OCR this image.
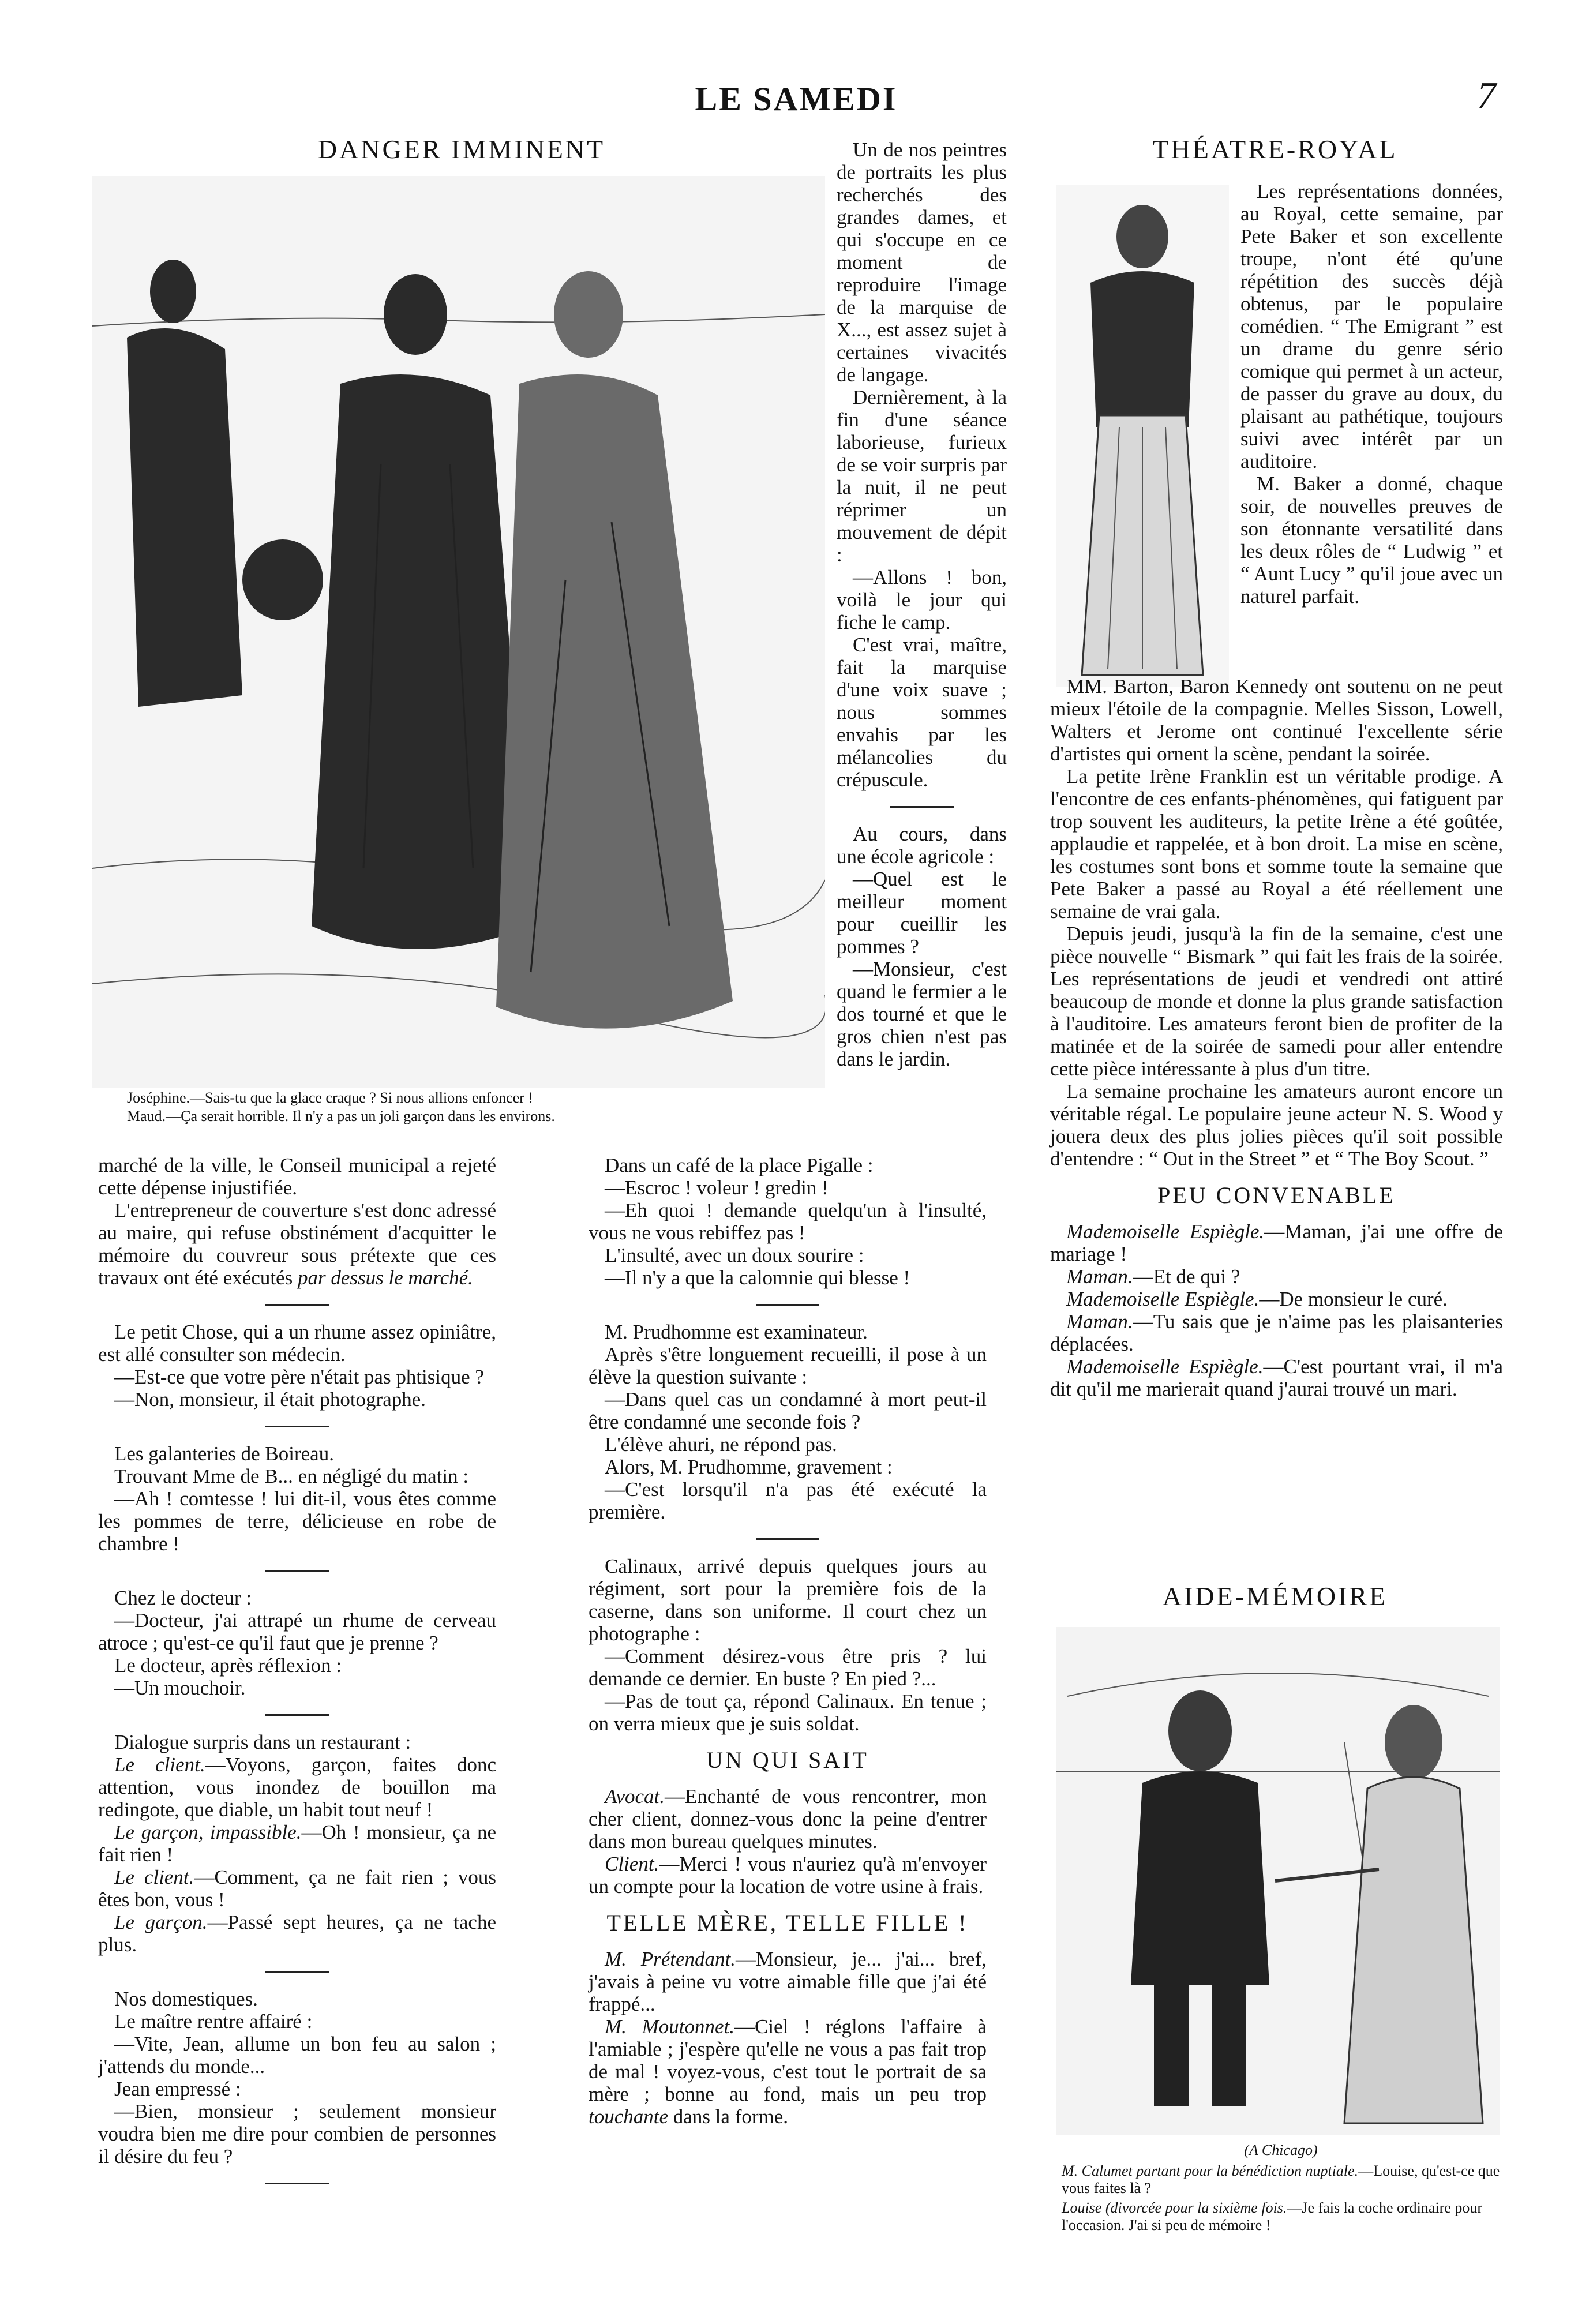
LE SAMEDI	7
DANGER IMMINENT
Joséphine.—Sais-tu que la glace craque ? Si nous allions enfoncer !
Maud.—Ça serait horrible. Il n'y a pas un joli garçon dans les environs.

Un de nos peintres de portraits les plus recherchés des grandes dames, et qui s'occupe en ce moment de reproduire l'image de la marquise de X..., est assez sujet à certaines vivacités de langage.

Dernièrement, à la fin d'une séance laborieuse, furieux de se voir surpris par la nuit, il ne peut réprimer un mouvement de dépit :

—Allons ! bon, voilà le jour qui fiche le camp.

C'est vrai, maître, fait la marquise d'une voix suave ; nous sommes envahis par les mélancolies du crépuscule.

Au cours, dans une école agricole :

—Quel est le meilleur moment pour cueillir les pommes ?

—Monsieur, c'est quand le fermier a le dos tourné et que le gros chien n'est pas dans le jardin.

marché de la ville, le Conseil municipal a rejeté cette dépense injustifiée.

L'entrepreneur de couverture s'est donc adressé au maire, qui refuse obstinément d'acquitter le mémoire du couvreur sous prétexte que ces travaux ont été exécutés par dessus le marché.

Le petit Chose, qui a un rhume assez opiniâtre, est allé consulter son médecin.

—Est-ce que votre père n'était pas phtisique ?

—Non, monsieur, il était photographe.

Les galanteries de Boireau.

Trouvant Mme de B... en négligé du matin :

—Ah ! comtesse ! lui dit-il, vous êtes comme les pommes de terre, délicieuse en robe de chambre !

Chez le docteur :

—Docteur, j'ai attrapé un rhume de cerveau atroce ; qu'est-ce qu'il faut que je prenne ?

Le docteur, après réflexion :

—Un mouchoir.

Dialogue surpris dans un restaurant :

Le client.—Voyons, garçon, faites donc attention, vous inondez de bouillon ma redingote, que diable, un habit tout neuf !

Le garçon, impassible.—Oh ! monsieur, ça ne fait rien !

Le client.—Comment, ça ne fait rien ; vous êtes bon, vous !

Le garçon.—Passé sept heures, ça ne tache plus.

Nos domestiques.

Le maître rentre affairé :

—Vite, Jean, allume un bon feu au salon ; j'attends du monde...

Jean empressé :

—Bien, monsieur ; seulement monsieur voudra bien me dire pour combien de personnes il désire du feu ?

Dans un café de la place Pigalle :

—Escroc ! voleur ! gredin !

—Eh quoi ! demande quelqu'un à l'insulté, vous ne vous rebiffez pas !

L'insulté, avec un doux sourire :

—Il n'y a que la calomnie qui blesse !

M. Prudhomme est examinateur.

Après s'être longuement recueilli, il pose à un élève la question suivante :

—Dans quel cas un condamné à mort peut-il être condamné une seconde fois ?

L'élève ahuri, ne répond pas.

Alors, M. Prudhomme, gravement :

—C'est lorsqu'il n'a pas été exécuté la première.

Calinaux, arrivé depuis quelques jours au régiment, sort pour la première fois de la caserne, dans son uniforme. Il court chez un photographe :

—Comment désirez-vous être pris ? lui demande ce dernier. En buste ? En pied ?...

—Pas de tout ça, répond Calinaux. En tenue ; on verra mieux que je suis soldat.

UN QUI SAIT

Avocat.—Enchanté de vous rencontrer, mon cher client, donnez-vous donc la peine d'entrer dans mon bureau quelques minutes.

Client.—Merci ! vous n'auriez qu'à m'envoyer un compte pour la location de votre usine à frais.

TELLE MÈRE, TELLE FILLE !

M. Prétendant.—Monsieur, je... j'ai... bref, j'avais à peine vu votre aimable fille que j'ai été frappé...

M. Moutonnet.—Ciel ! réglons l'affaire à l'amiable ; j'espère qu'elle ne vous a pas fait trop de mal ! voyez-vous, c'est tout le portrait de sa mère ; bonne au fond, mais un peu trop touchante dans la forme.

THÉATRE-ROYAL

Les représentations données, au Royal, cette semaine, par Pete Baker et son excellente troupe, n'ont été qu'une répétition des succès déjà obtenus, par le populaire comédien. “ The Emigrant ” est un drame du genre sério comique qui permet à un acteur, de passer du grave au doux, du plaisant au pathétique, toujours suivi avec intérêt par un auditoire.

M. Baker a donné, chaque soir, de nouvelles preuves de son étonnante versatilité dans les deux rôles de “ Ludwig ” et “ Aunt Lucy ” qu'il joue avec un naturel parfait.

MM. Barton, Baron Kennedy ont soutenu on ne peut mieux l'étoile de la compagnie. Melles Sisson, Lowell, Walters et Jerome ont continué l'excellente série d'artistes qui ornent la scène, pendant la soirée.

La petite Irène Franklin est un véritable prodige. A l'encontre de ces enfants-phénomènes, qui fatiguent par trop souvent les auditeurs, la petite Irène a été goûtée, applaudie et rappelée, et à bon droit. La mise en scène, les costumes sont bons et somme toute la semaine que Pete Baker a passé au Royal a été réellement une semaine de vrai gala.

Depuis jeudi, jusqu'à la fin de la semaine, c'est une pièce nouvelle “ Bismark ” qui fait les frais de la soirée. Les représentations de jeudi et vendredi ont attiré beaucoup de monde et donne la plus grande satisfaction à l'auditoire. Les amateurs feront bien de profiter de la matinée et de la soirée de samedi pour aller entendre cette pièce intéressante à plus d'un titre.

La semaine prochaine les amateurs auront encore un véritable régal. Le populaire jeune acteur N. S. Wood y jouera deux des plus jolies pièces qu'il soit possible d'entendre : “ Out in the Street ” et “ The Boy Scout. ”

PEU CONVENABLE

Mademoiselle Espiègle.—Maman, j'ai une offre de mariage !

Maman.—Et de qui ?

Mademoiselle Espiègle.—De monsieur le curé.

Maman.—Tu sais que je n'aime pas les plaisanteries déplacées.

Mademoiselle Espiègle.—C'est pourtant vrai, il m'a dit qu'il me marierait quand j'aurai trouvé un mari.

AIDE-MÉMOIRE
(A Chicago)
M. Calumet partant pour la bénédiction nuptiale.—Louise, qu'est-ce que vous faites là ?
Louise (divorcée pour la sixième fois.—Je fais la coche ordinaire pour l'occasion. J'ai si peu de mémoire !
